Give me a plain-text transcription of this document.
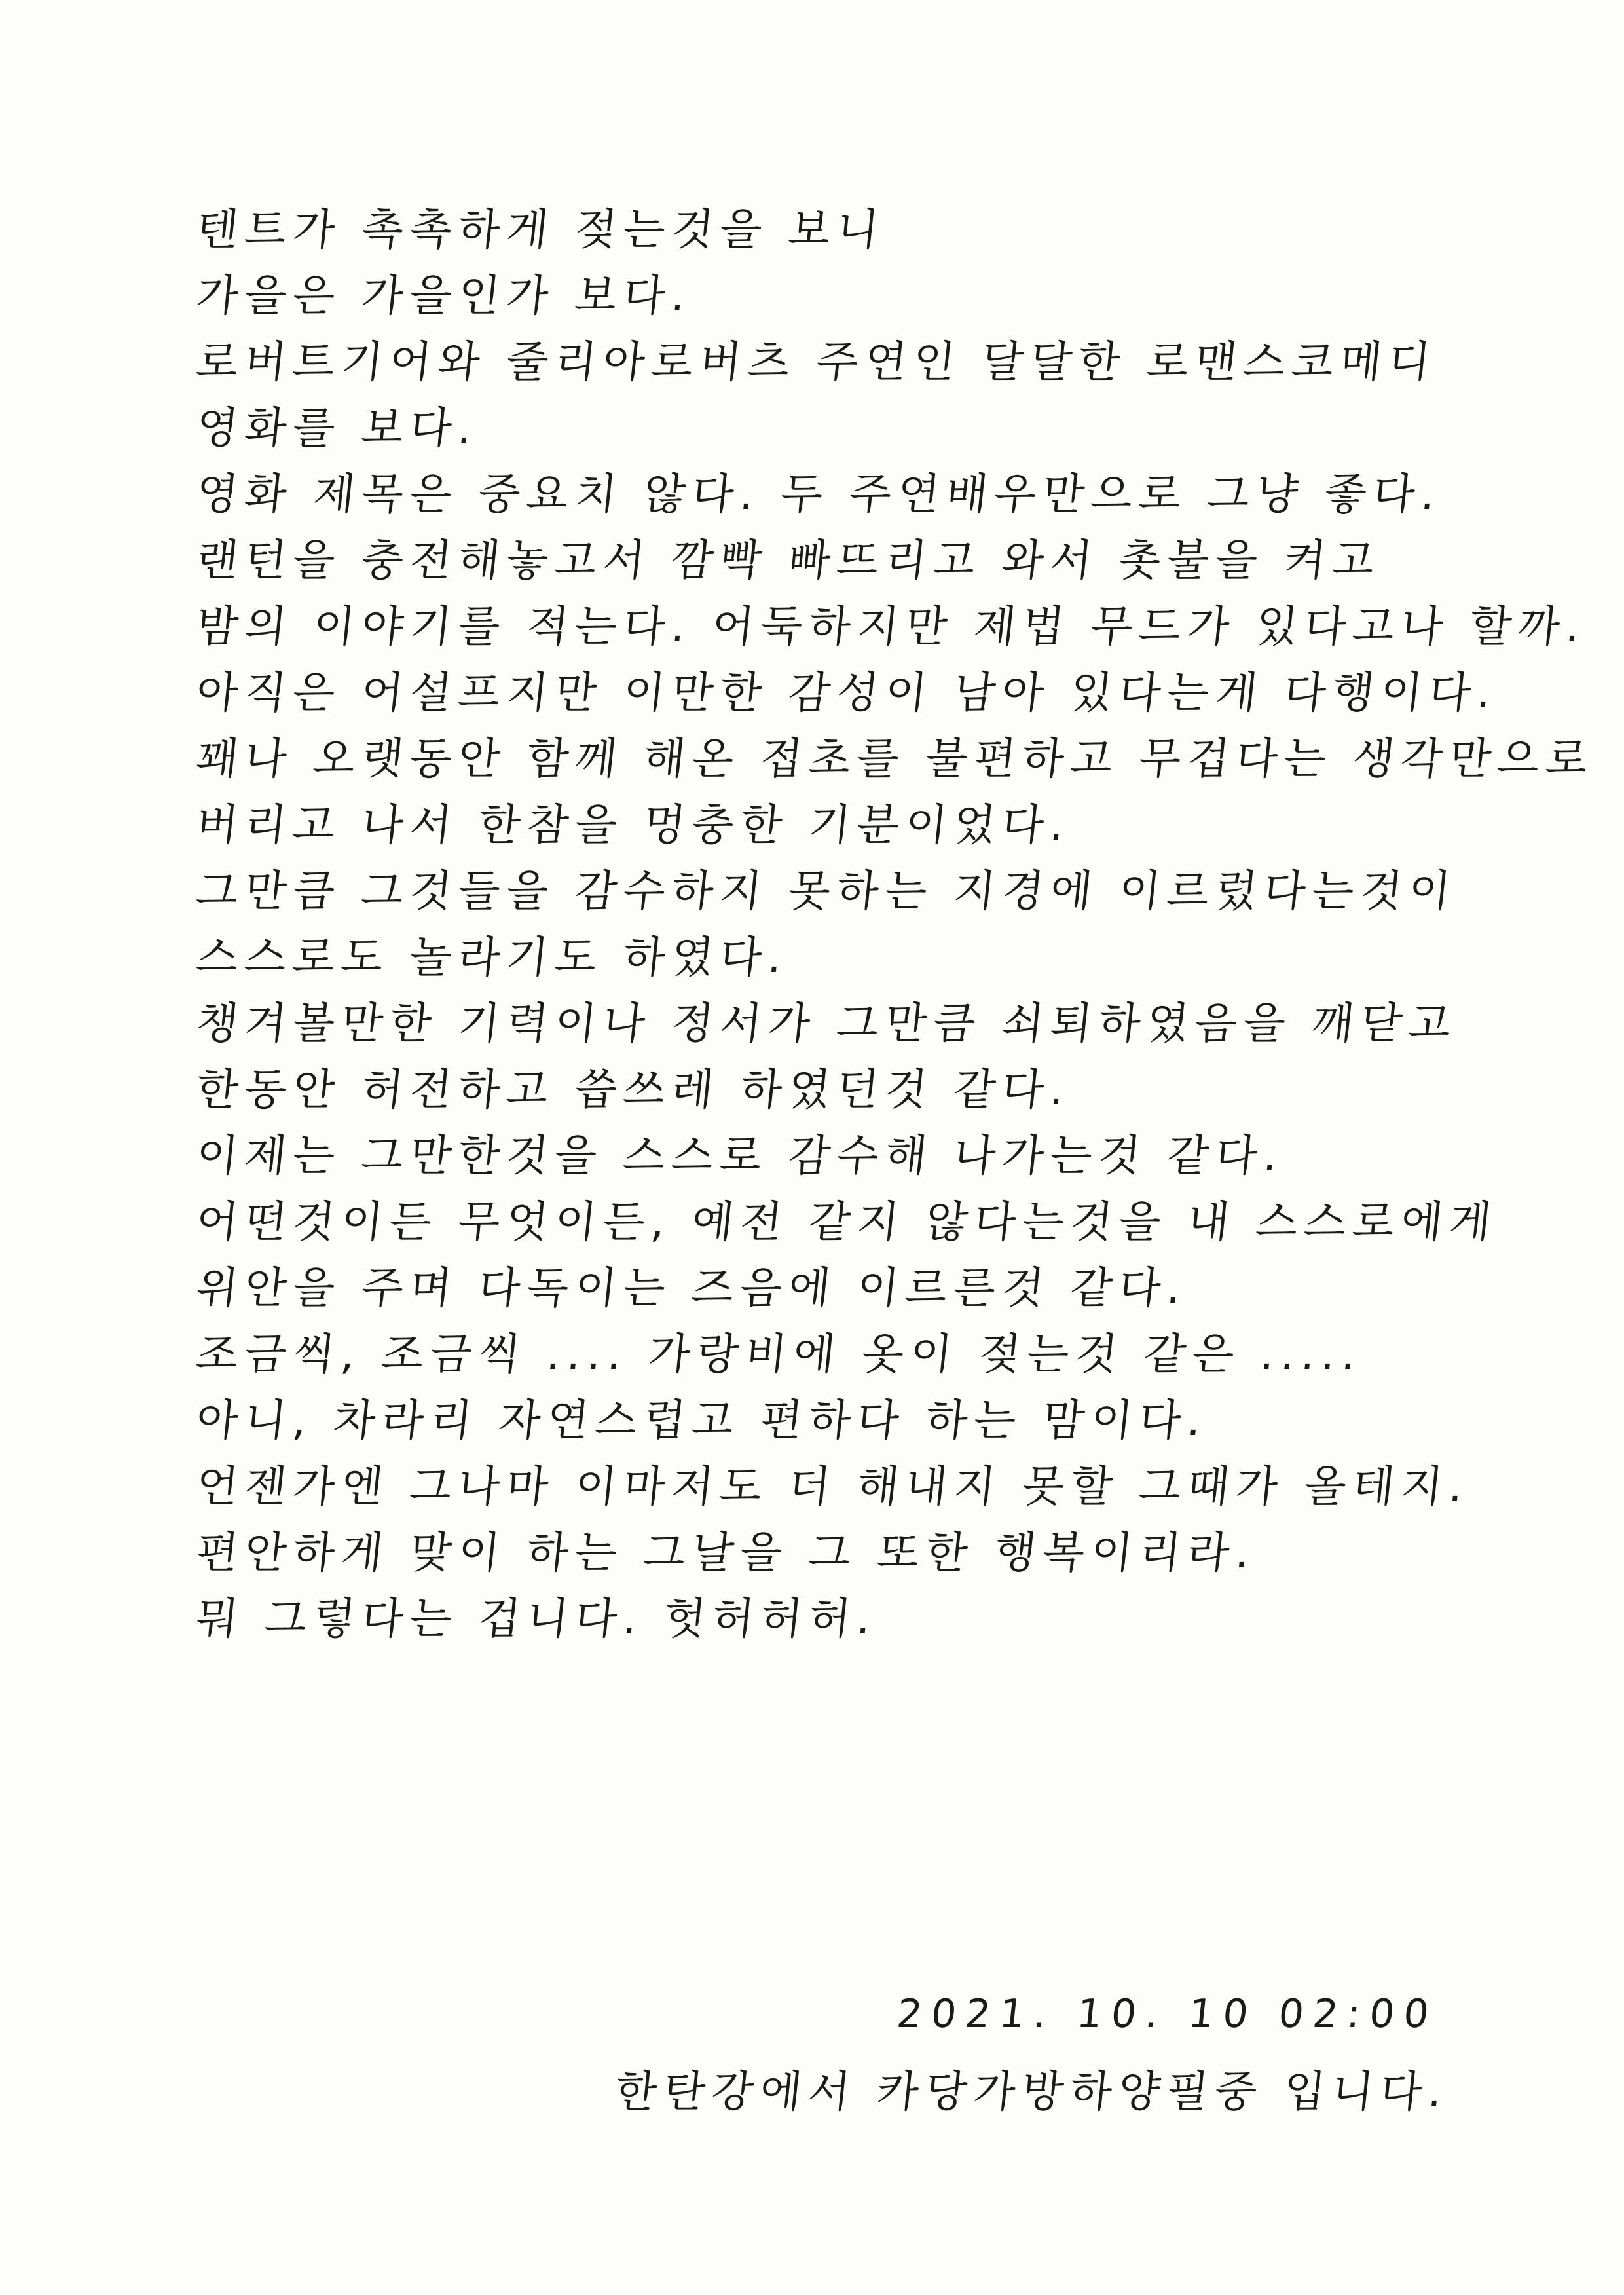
텐트가 촉촉하게 젖는것을 보니
가을은 가을인가 보다.
로버트기어와 줄리아로버츠 주연인 달달한 로맨스코메디
영화를 보다.
영화 제목은 중요치 않다. 두 주연배우만으로 그냥 좋다.
랜턴을 충전해놓고서 깜빡 빠뜨리고 와서 촛불을 켜고
밤의 이야기를 적는다. 어둑하지만 제법 무드가 있다고나 할까.
아직은 어설프지만 이만한 감성이 남아 있다는게 다행이다.
꽤나 오랫동안 함께 해온 접초를 불편하고 무겁다는 생각만으로
버리고 나서 한참을 멍충한 기분이었다.
그만큼 그것들을 감수하지 못하는 지경에 이르렀다는것이
스스로도 놀라기도 하였다.
챙겨볼만한 기력이나 정서가 그만큼 쇠퇴하였음을 깨닫고
한동안 허전하고 씁쓰레 하였던것 같다.
이제는 그만한것을 스스로 감수해 나가는것 같다.
어떤것이든 무엇이든, 예전 같지 않다는것을 내 스스로에게
위안을 주며 다독이는 즈음에 이르른것 같다.
조금씩, 조금씩 .... 가랑비에 옷이 젖는것 같은 .....
아니, 차라리 자연스럽고 편하다 하는 맘이다.
언젠가엔 그나마 이마저도 더 해내지 못할 그때가 올테지.
편안하게 맞이 하는 그날을 그 또한 행복이리라.
뭐 그렇다는 겁니다. 헛허허허.
2021. 10. 10 02:00
한탄강에서 카당가방하양필중 입니다.
